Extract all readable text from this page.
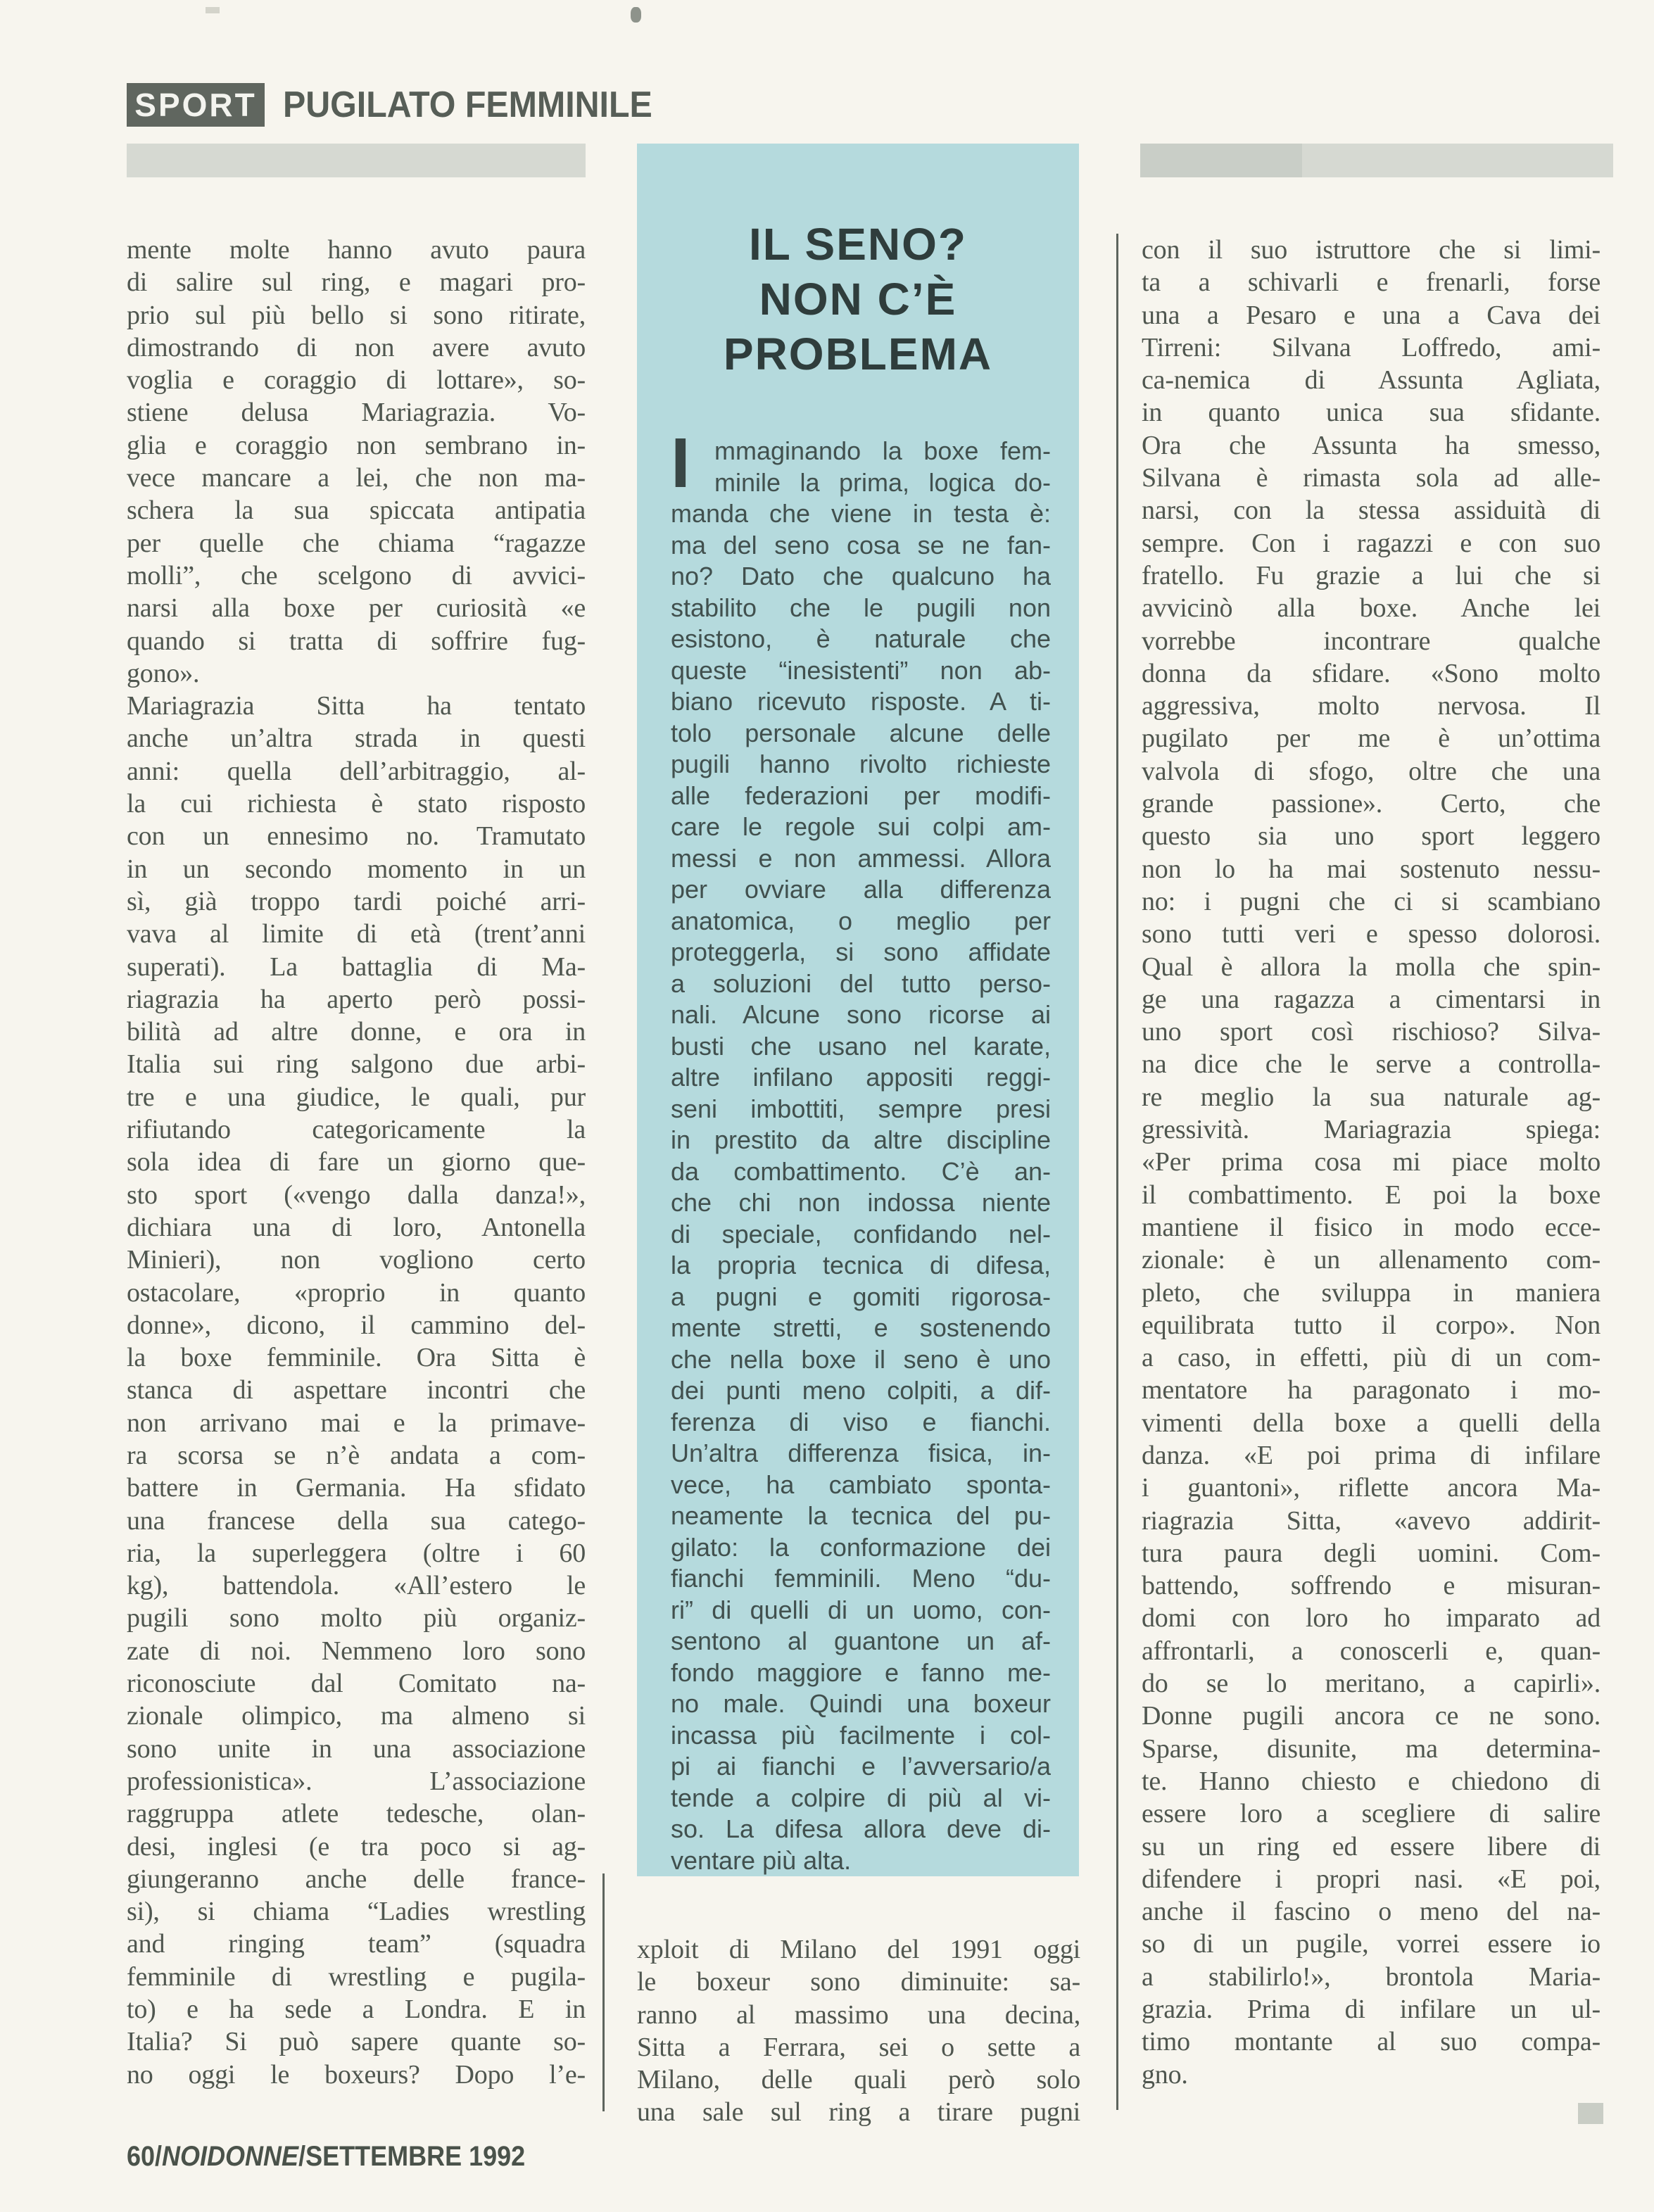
SPORT PUGILATO FEMMINILE
mente molte hanno avuto paura
di salire sul ring, e magari pro-
prio sul più bello si sono ritirate,
dimostrando di non avere avuto
voglia e coraggio di lottare», so-
stiene delusa Mariagrazia. Vo-
glia e coraggio non sembrano in-
vece mancare a lei, che non ma-
schera la sua spiccata antipatia
per quelle che chiama “ragazze
molli”, che scelgono di avvici-
narsi alla boxe per curiosità «e
quando si tratta di soffrire fug-
gono».
Mariagrazia Sitta ha tentato
anche un’altra strada in questi
anni: quella dell’arbitraggio, al-
la cui richiesta è stato risposto
con un ennesimo no. Tramutato
in un secondo momento in un
sì, già troppo tardi poiché arri-
vava al limite di età (trent’anni
superati). La battaglia di Ma-
riagrazia ha aperto però possi-
bilità ad altre donne, e ora in
Italia sui ring salgono due arbi-
tre e una giudice, le quali, pur
rifiutando categoricamente la
sola idea di fare un giorno que-
sto sport («vengo dalla danza!»,
dichiara una di loro, Antonella
Minieri), non vogliono certo
ostacolare, «proprio in quanto
donne», dicono, il cammino del-
la boxe femminile. Ora Sitta è
stanca di aspettare incontri che
non arrivano mai e la primave-
ra scorsa se n’è andata a com-
battere in Germania. Ha sfidato
una francese della sua catego-
ria, la superleggera (oltre i 60
kg), battendola. «All’estero le
pugili sono molto più organiz-
zate di noi. Nemmeno loro sono
riconosciute dal Comitato na-
zionale olimpico, ma almeno si
sono unite in una associazione
professionistica». L’associazione
raggruppa atlete tedesche, olan-
desi, inglesi (e tra poco si ag-
giungeranno anche delle france-
si), si chiama “Ladies wrestling
and ringing team” (squadra
femminile di wrestling e pugila-
to) e ha sede a Londra. E in
Italia? Si può sapere quante so-
no oggi le boxeurs? Dopo l’e-
IL SENO?
NON C’È
PROBLEMA
I mmaginando la boxe fem-
minile la prima, logica do-
manda che viene in testa è:
ma del seno cosa se ne fan-
no? Dato che qualcuno ha
stabilito che le pugili non
esistono, è naturale che
queste “inesistenti” non ab-
biano ricevuto risposte. A ti-
tolo personale alcune delle
pugili hanno rivolto richieste
alle federazioni per modifi-
care le regole sui colpi am-
messi e non ammessi. Allora
per ovviare alla differenza
anatomica, o meglio per
proteggerla, si sono affidate
a soluzioni del tutto perso-
nali. Alcune sono ricorse ai
busti che usano nel karate,
altre infilano appositi reggi-
seni imbottiti, sempre presi
in prestito da altre discipline
da combattimento. C’è an-
che chi non indossa niente
di speciale, confidando nel-
la propria tecnica di difesa,
a pugni e gomiti rigorosa-
mente stretti, e sostenendo
che nella boxe il seno è uno
dei punti meno colpiti, a dif-
ferenza di viso e fianchi.
Un’altra differenza fisica, in-
vece, ha cambiato sponta-
neamente la tecnica del pu-
gilato: la conformazione dei
fianchi femminili. Meno “du-
ri” di quelli di un uomo, con-
sentono al guantone un af-
fondo maggiore e fanno me-
no male. Quindi una boxeur
incassa più facilmente i col-
pi ai fianchi e l’avversario/a
tende a colpire di più al vi-
so. La difesa allora deve di-
ventare più alta.
xploit di Milano del 1991 oggi
le boxeur sono diminuite: sa-
ranno al massimo una decina,
Sitta a Ferrara, sei o sette a
Milano, delle quali però solo
una sale sul ring a tirare pugni
con il suo istruttore che si limi-
ta a schivarli e frenarli, forse
una a Pesaro e una a Cava dei
Tirreni: Silvana Loffredo, ami-
ca-nemica di Assunta Agliata,
in quanto unica sua sfidante.
Ora che Assunta ha smesso,
Silvana è rimasta sola ad alle-
narsi, con la stessa assiduità di
sempre. Con i ragazzi e con suo
fratello. Fu grazie a lui che si
avvicinò alla boxe. Anche lei
vorrebbe incontrare qualche
donna da sfidare. «Sono molto
aggressiva, molto nervosa. Il
pugilato per me è un’ottima
valvola di sfogo, oltre che una
grande passione». Certo, che
questo sia uno sport leggero
non lo ha mai sostenuto nessu-
no: i pugni che ci si scambiano
sono tutti veri e spesso dolorosi.
Qual è allora la molla che spin-
ge una ragazza a cimentarsi in
uno sport così rischioso? Silva-
na dice che le serve a controlla-
re meglio la sua naturale ag-
gressività. Mariagrazia spiega:
«Per prima cosa mi piace molto
il combattimento. E poi la boxe
mantiene il fisico in modo ecce-
zionale: è un allenamento com-
pleto, che sviluppa in maniera
equilibrata tutto il corpo». Non
a caso, in effetti, più di un com-
mentatore ha paragonato i mo-
vimenti della boxe a quelli della
danza. «E poi prima di infilare
i guantoni», riflette ancora Ma-
riagrazia Sitta, «avevo addirit-
tura paura degli uomini. Com-
battendo, soffrendo e misuran-
domi con loro ho imparato ad
affrontarli, a conoscerli e, quan-
do se lo meritano, a capirli».
Donne pugili ancora ce ne sono.
Sparse, disunite, ma determina-
te. Hanno chiesto e chiedono di
essere loro a scegliere di salire
su un ring ed essere libere di
difendere i propri nasi. «E poi,
anche il fascino o meno del na-
so di un pugile, vorrei essere io
a stabilirlo!», brontola Maria-
grazia. Prima di infilare un ul-
timo montante al suo compa-
gno.
60/NOIDONNE/SETTEMBRE 1992
